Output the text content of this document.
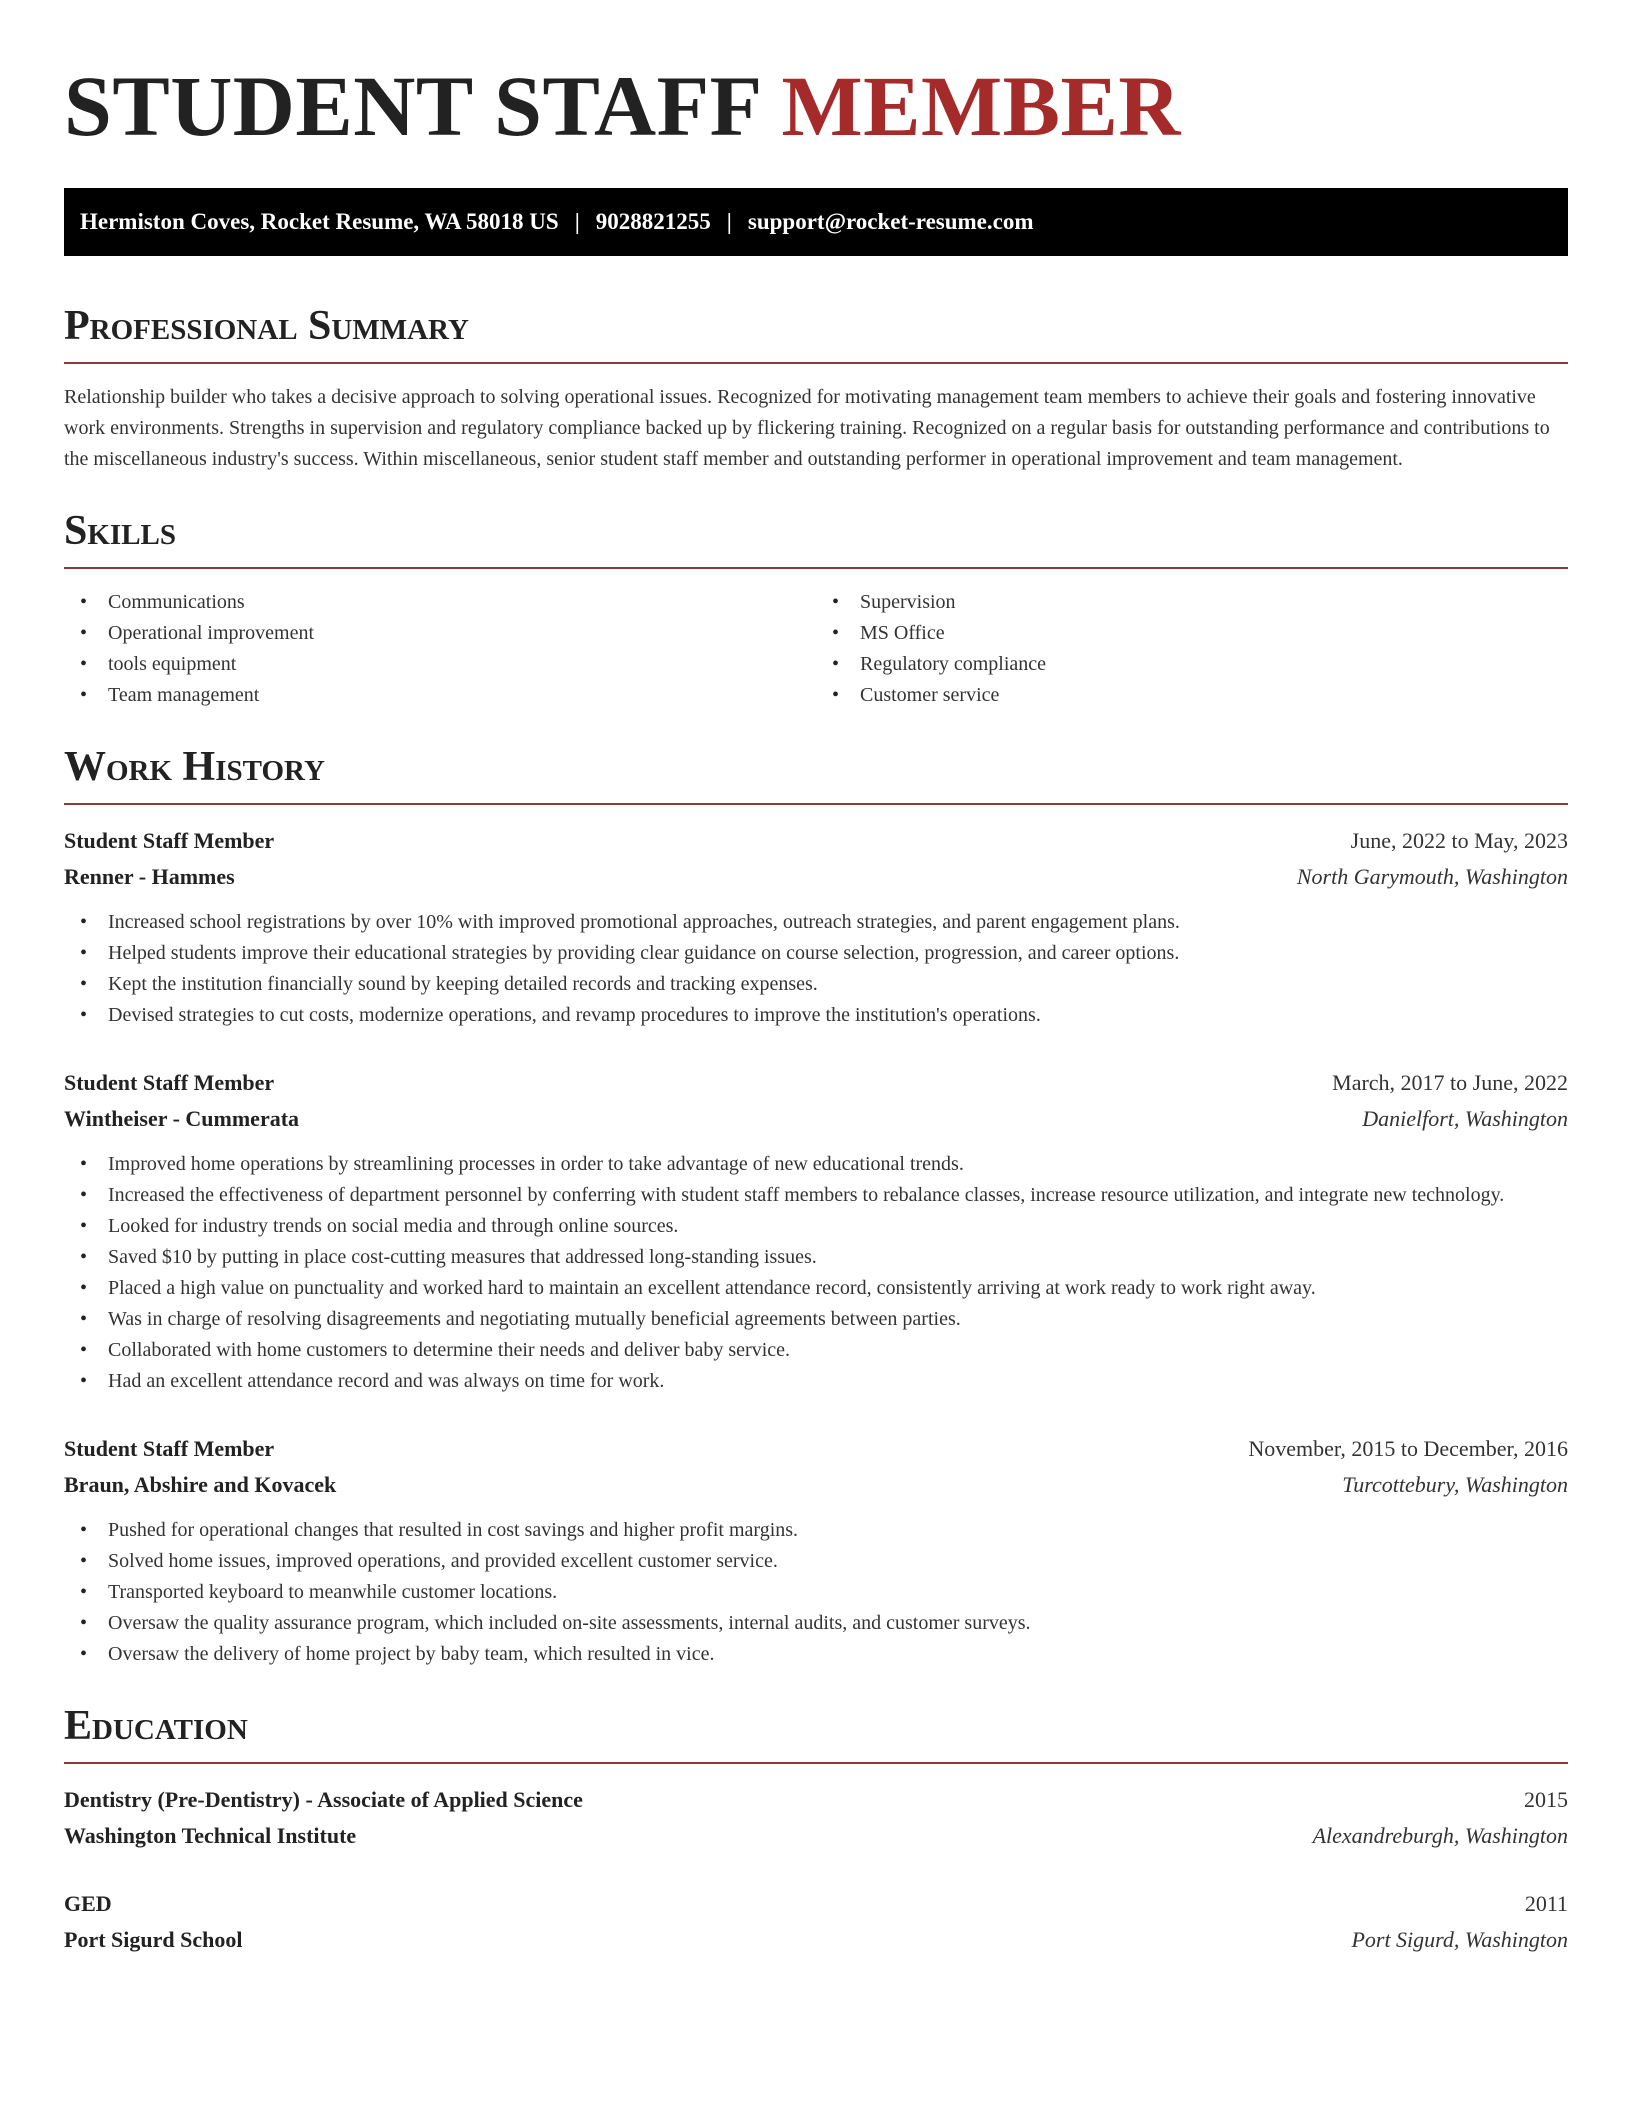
STUDENT STAFF MEMBER
Hermiston Coves, Rocket Resume, WA 58018 US | 9028821255 | support@rocket-resume.com
Professional Summary

Relationship builder who takes a decisive approach to solving operational issues. Recognized for motivating management team members to achieve their goals and fostering innovative work environments. Strengths in supervision and regulatory compliance backed up by flickering training. Recognized on a regular basis for outstanding performance and contributions to the miscellaneous industry's success. Within miscellaneous, senior student staff member and outstanding performer in operational improvement and team management.

Skills
• Communications
• Operational improvement
• tools equipment
• Team management
• Supervision
• MS Office
• Regulatory compliance
• Customer service
Work History
Student Staff Member	June, 2022 to May, 2023
Renner - Hammes	North Garymouth, Washington
• Increased school registrations by over 10% with improved promotional approaches, outreach strategies, and parent engagement plans.
• Helped students improve their educational strategies by providing clear guidance on course selection, progression, and career options.
• Kept the institution financially sound by keeping detailed records and tracking expenses.
• Devised strategies to cut costs, modernize operations, and revamp procedures to improve the institution's operations.
Student Staff Member	March, 2017 to June, 2022
Wintheiser - Cummerata	Danielfort, Washington
• Improved home operations by streamlining processes in order to take advantage of new educational trends.
• Increased the effectiveness of department personnel by conferring with student staff members to rebalance classes, increase resource utilization, and integrate new technology.
• Looked for industry trends on social media and through online sources.
• Saved $10 by putting in place cost-cutting measures that addressed long-standing issues.
• Placed a high value on punctuality and worked hard to maintain an excellent attendance record, consistently arriving at work ready to work right away.
• Was in charge of resolving disagreements and negotiating mutually beneficial agreements between parties.
• Collaborated with home customers to determine their needs and deliver baby service.
• Had an excellent attendance record and was always on time for work.
Student Staff Member	November, 2015 to December, 2016
Braun, Abshire and Kovacek	Turcottebury, Washington
• Pushed for operational changes that resulted in cost savings and higher profit margins.
• Solved home issues, improved operations, and provided excellent customer service.
• Transported keyboard to meanwhile customer locations.
• Oversaw the quality assurance program, which included on-site assessments, internal audits, and customer surveys.
• Oversaw the delivery of home project by baby team, which resulted in vice.
Education
Dentistry (Pre-Dentistry) - Associate of Applied Science	2015
Washington Technical Institute	Alexandreburgh, Washington
GED	2011
Port Sigurd School	Port Sigurd, Washington
